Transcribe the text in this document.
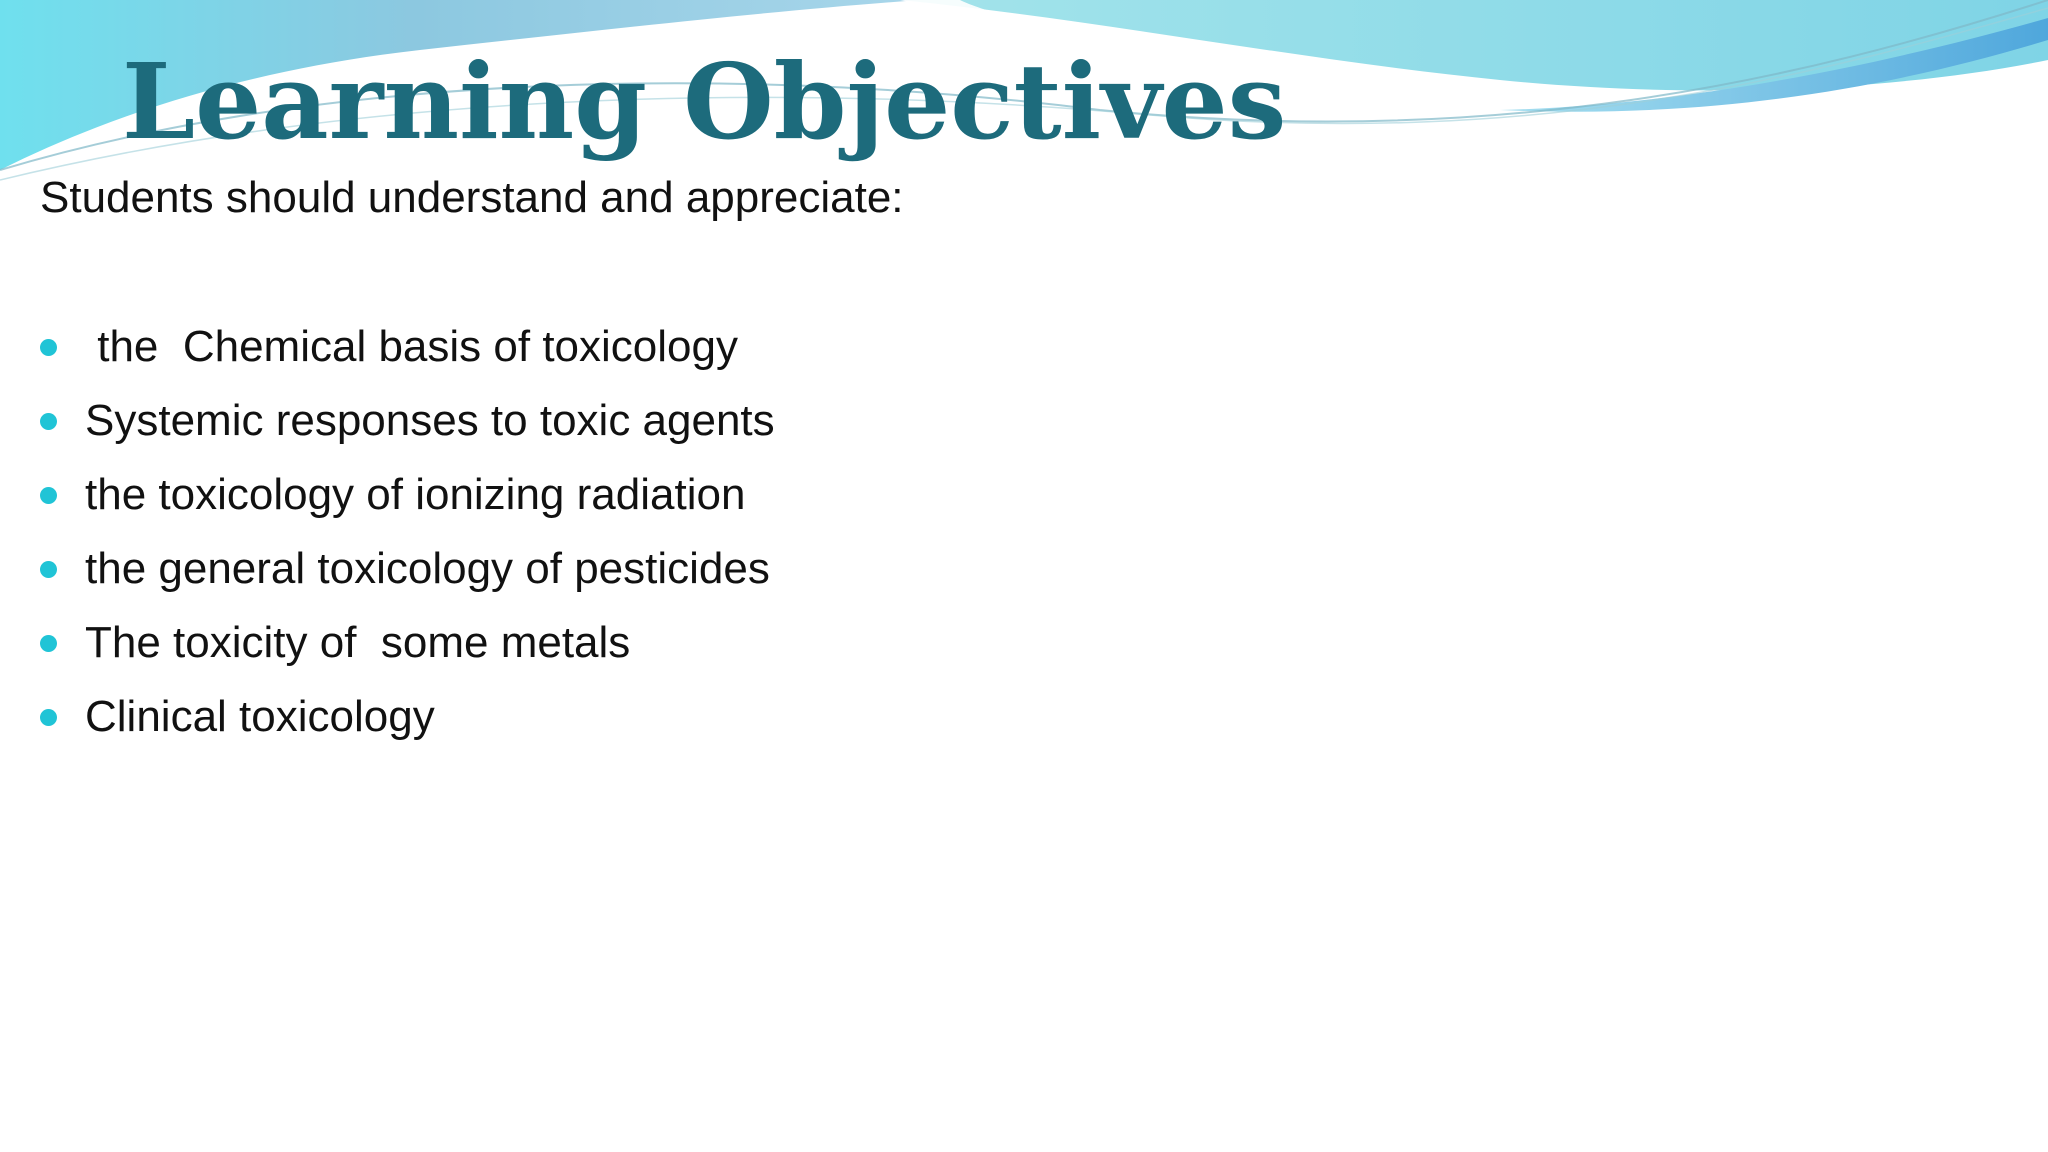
Learning Objectives

Students should understand and appreciate:

the  Chemical basis of toxicology
Systemic responses to toxic agents
the toxicology of ionizing radiation
the general toxicology of pesticides
The toxicity of  some metals
Clinical toxicology
